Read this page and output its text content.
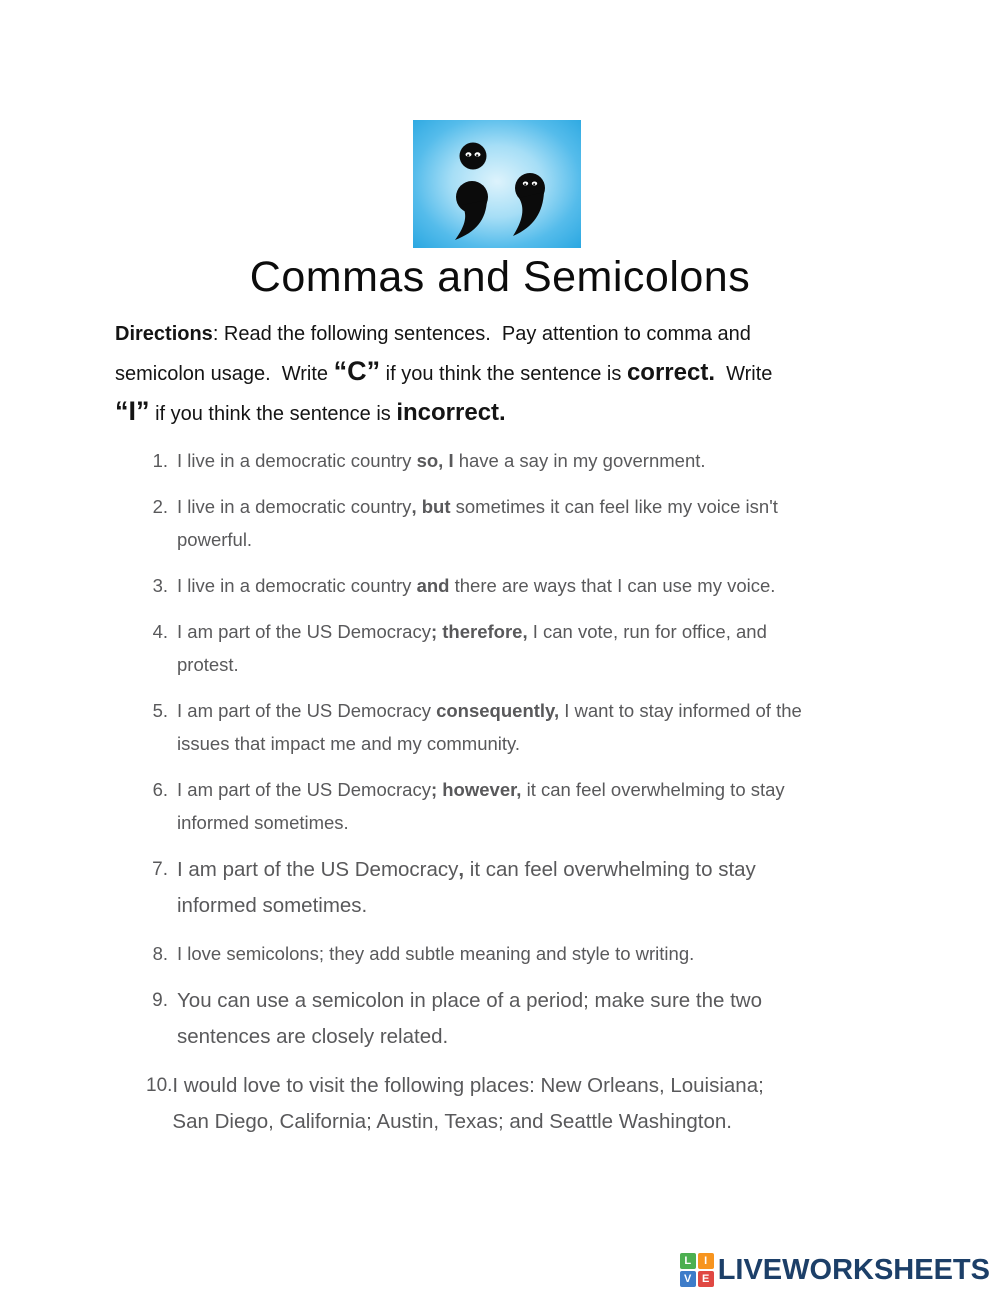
Commas and Semicolons
Directions: Read the following sentences.  Pay attention to comma and
semicolon usage.  Write “C” if you think the sentence is correct.  Write
“I” if you think the sentence is incorrect.
1. I live in a democratic country so, I have a say in my government.
2. I live in a democratic country, but sometimes it can feel like my voice isn't
powerful.
3. I live in a democratic country and there are ways that I can use my voice.
4. I am part of the US Democracy; therefore, I can vote, run for office, and
protest.
5. I am part of the US Democracy consequently, I want to stay informed of the
issues that impact me and my community.
6. I am part of the US Democracy; however, it can feel overwhelming to stay
informed sometimes.
7. I am part of the US Democracy, it can feel overwhelming to stay
informed sometimes.
8. I love semicolons; they add subtle meaning and style to writing.
9. You can use a semicolon in place of a period; make sure the two
sentences are closely related.
10. I would love to visit the following places: New Orleans, Louisiana;
San Diego, California; Austin, Texas; and Seattle Washington.
L	I
V E LIVEWORKSHEETS
